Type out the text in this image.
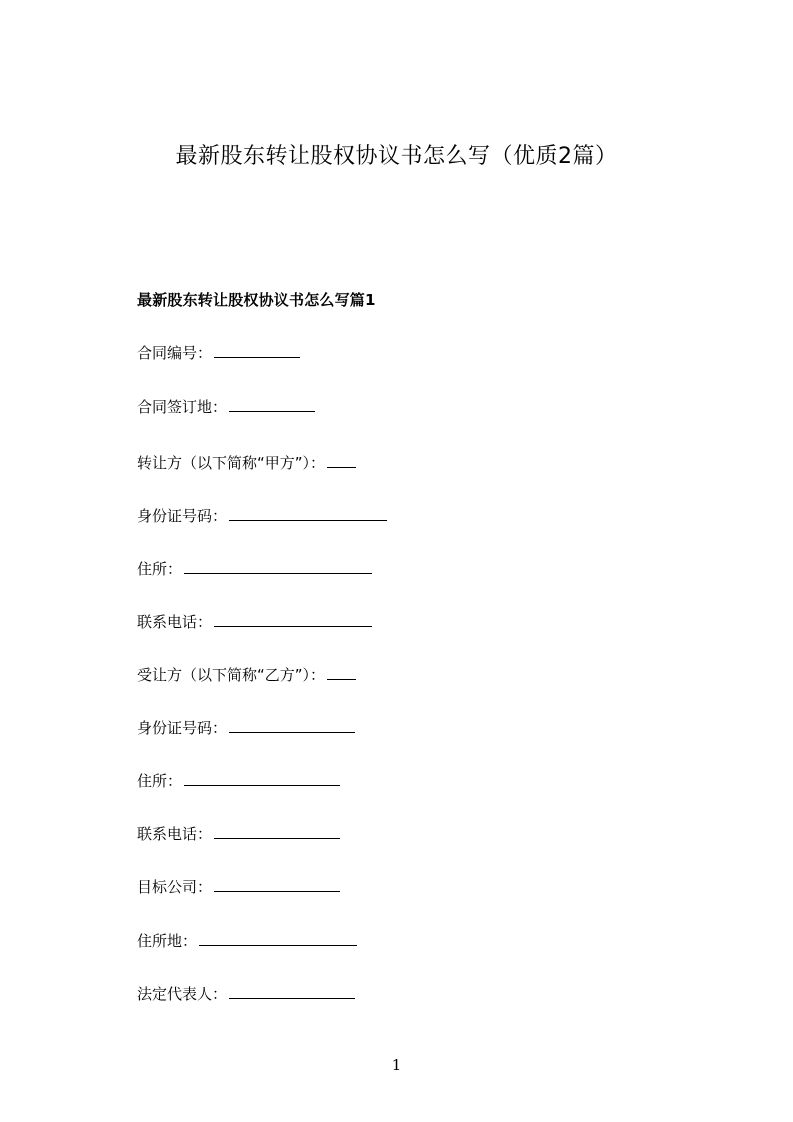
最新股东转让股权协议书怎么写（优质2篇）
最新股东转让股权协议书怎么写篇1
合同编号：
合同签订地：
转让方（以下简称“甲方”）：
身份证号码：
住所：
联系电话：
受让方（以下简称“乙方”）：
身份证号码：
住所：
联系电话：
目标公司：
住所地：
法定代表人：
1
